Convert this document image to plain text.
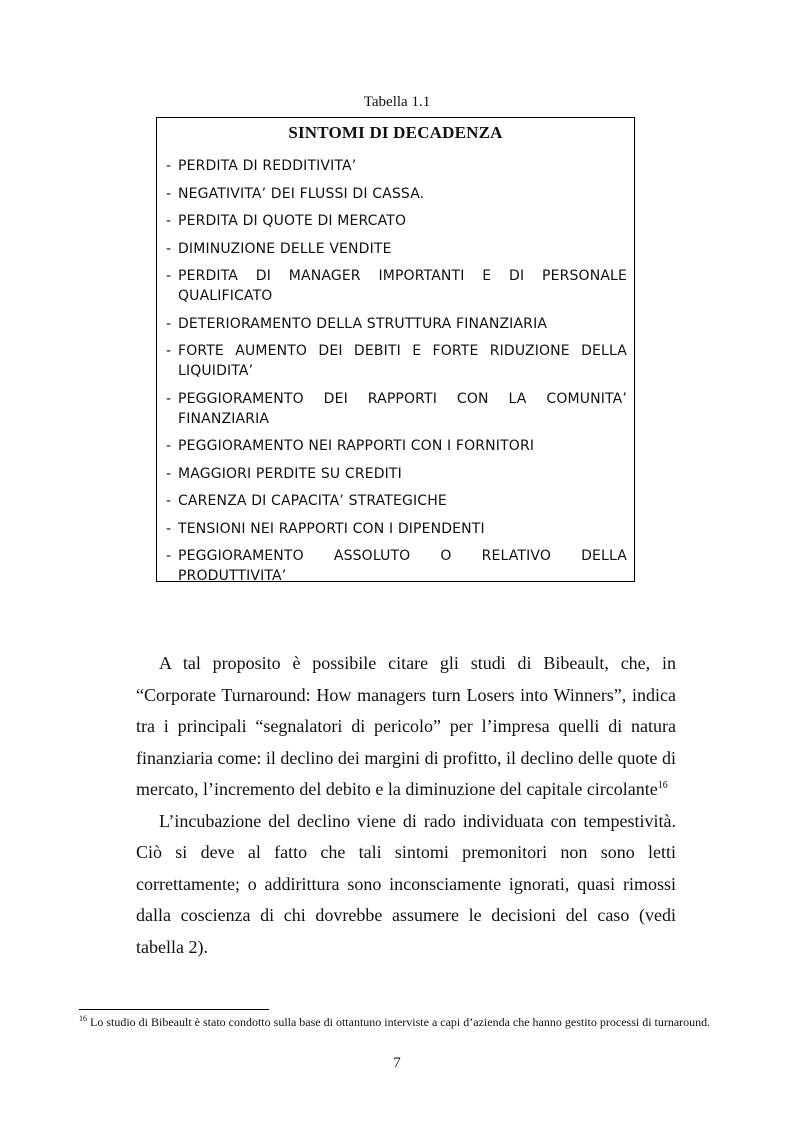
Tabella 1.1
SINTOMI DI DECADENZA
- PERDITA DI REDDITIVITA’
- NEGATIVITA’ DEI FLUSSI DI CASSA.
- PERDITA DI QUOTE DI MERCATO
- DIMINUZIONE DELLE VENDITE
- PERDITA DI MANAGER IMPORTANTI E DI PERSONALE QUALIFICATO
- DETERIORAMENTO DELLA STRUTTURA FINANZIARIA
- FORTE AUMENTO DEI DEBITI E FORTE RIDUZIONE DELLA LIQUIDITA’
- PEGGIORAMENTO DEI RAPPORTI CON LA COMUNITA’ FINANZIARIA
- PEGGIORAMENTO NEI RAPPORTI CON I FORNITORI
- MAGGIORI PERDITE SU CREDITI
- CARENZA DI CAPACITA’ STRATEGICHE
- TENSIONI NEI RAPPORTI CON I DIPENDENTI
- PEGGIORAMENTO ASSOLUTO O RELATIVO DELLA PRODUTTIVITA’

A tal proposito è possibile citare gli studi di Bibeault, che, in “Corporate Turnaround: How managers turn Losers into Winners”, indica tra i principali “segnalatori di pericolo” per l’impresa quelli di natura finanziaria come: il declino dei margini di profitto, il declino delle quote di mercato, l’incremento del debito e la diminuzione del capitale circolante$^{16}$

L’incubazione del declino viene di rado individuata con tempestività. Ciò si deve al fatto che tali sintomi premonitori non sono letti correttamente; o addirittura sono inconsciamente ignorati, quasi rimossi dalla coscienza di chi dovrebbe assumere le decisioni del caso (vedi tabella 2).

$^{16}$ Lo studio di Bibeault è stato condotto sulla base di ottantuno interviste a capi d’azienda che hanno gestito processi di turnaround.
7
